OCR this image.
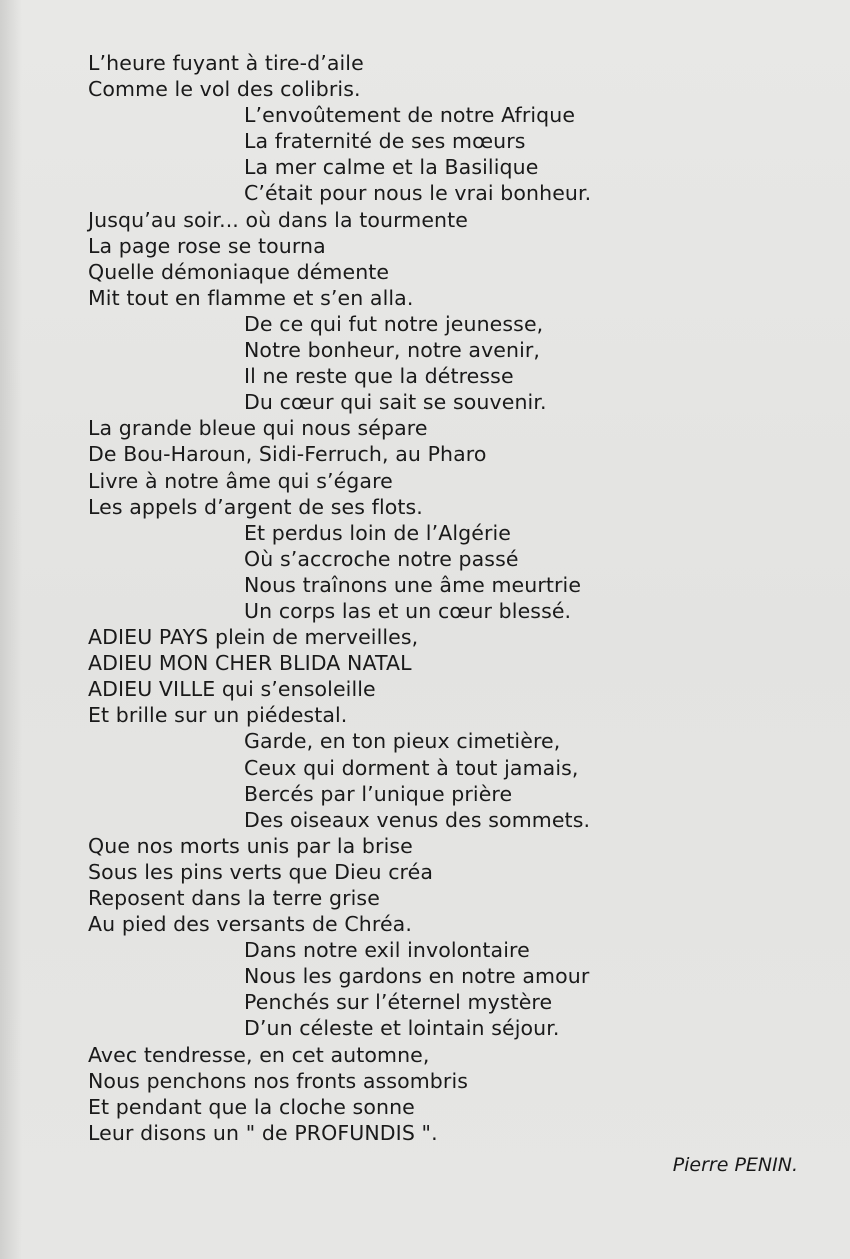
L’heure fuyant à tire-d’aile
Comme le vol des colibris.
L’envoûtement de notre Afrique
La fraternité de ses mœurs
La mer calme et la Basilique
C’était pour nous le vrai bonheur.
Jusqu’au soir... où dans la tourmente
La page rose se tourna
Quelle démoniaque démente
Mit tout en flamme et s’en alla.
De ce qui fut notre jeunesse,
Notre bonheur, notre avenir,
Il ne reste que la détresse
Du cœur qui sait se souvenir.
La grande bleue qui nous sépare
De Bou-Haroun, Sidi-Ferruch, au Pharo
Livre à notre âme qui s’égare
Les appels d’argent de ses flots.
Et perdus loin de l’Algérie
Où s’accroche notre passé
Nous traînons une âme meurtrie
Un corps las et un cœur blessé.
ADIEU PAYS plein de merveilles,
ADIEU MON CHER BLIDA NATAL
ADIEU VILLE qui s’ensoleille
Et brille sur un piédestal.
Garde, en ton pieux cimetière,
Ceux qui dorment à tout jamais,
Bercés par l’unique prière
Des oiseaux venus des sommets.
Que nos morts unis par la brise
Sous les pins verts que Dieu créa
Reposent dans la terre grise
Au pied des versants de Chréa.
Dans notre exil involontaire
Nous les gardons en notre amour
Penchés sur l’éternel mystère
D’un céleste et lointain séjour.
Avec tendresse, en cet automne,
Nous penchons nos fronts assombris
Et pendant que la cloche sonne
Leur disons un " de PROFUNDIS ".
Pierre PENIN.
